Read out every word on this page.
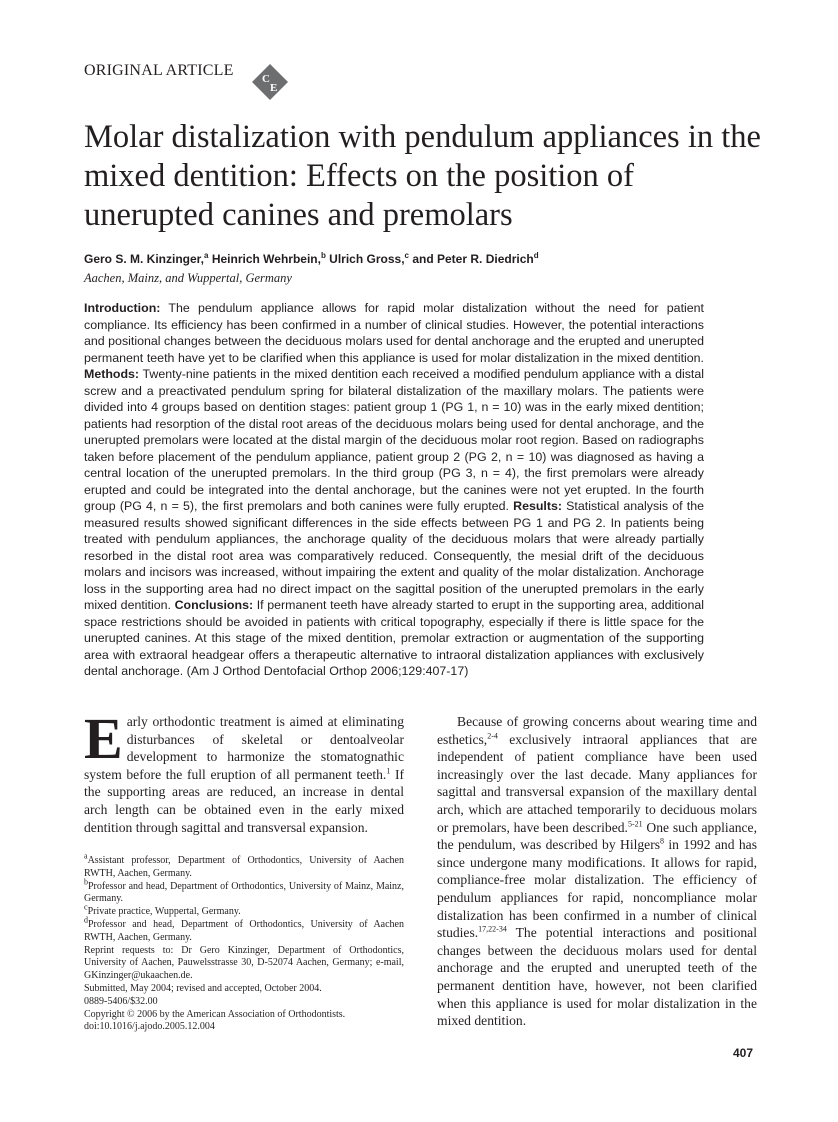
ORIGINAL ARTICLE	C
E
Molar distalization with pendulum appliances in the mixed dentition: Effects on the position of unerupted canines and premolars
Gero S. M. Kinzinger,$^a$ Heinrich Wehrbein,$^b$ Ulrich Gross,$^c$ and Peter R. Diedrich$^d$
Aachen, Mainz, and Wuppertal, Germany
Introduction: The pendulum appliance allows for rapid molar distalization without the need for patient compliance. Its efficiency has been confirmed in a number of clinical studies. However, the potential interactions and positional changes between the deciduous molars used for dental anchorage and the erupted and unerupted permanent teeth have yet to be clarified when this appliance is used for molar distalization in the mixed dentition. Methods: Twenty-nine patients in the mixed dentition each received a modified pendulum appliance with a distal screw and a preactivated pendulum spring for bilateral distalization of the maxillary molars. The patients were divided into 4 groups based on dentition stages: patient group 1 (PG 1, n = 10) was in the early mixed dentition; patients had resorption of the distal root areas of the deciduous molars being used for dental anchorage, and the unerupted premolars were located at the distal margin of the deciduous molar root region. Based on radiographs taken before placement of the pendulum appliance, patient group 2 (PG 2, n = 10) was diagnosed as having a central location of the unerupted premolars. In the third group (PG 3, n = 4), the first premolars were already erupted and could be integrated into the dental anchorage, but the canines were not yet erupted. In the fourth group (PG 4, n = 5), the first premolars and both canines were fully erupted. Results: Statistical analysis of the measured results showed significant differences in the side effects between PG 1 and PG 2. In patients being treated with pendulum appliances, the anchorage quality of the deciduous molars that were already partially resorbed in the distal root area was comparatively reduced. Consequently, the mesial drift of the deciduous molars and incisors was increased, without impairing the extent and quality of the molar distalization. Anchorage loss in the supporting area had no direct impact on the sagittal position of the unerupted premolars in the early mixed dentition. Conclusions: If permanent teeth have already started to erupt in the supporting area, additional space restrictions should be avoided in patients with critical topography, especially if there is little space for the unerupted canines. At this stage of the mixed dentition, premolar extraction or augmentation of the supporting area with extraoral headgear offers a therapeutic alternative to intraoral distalization appliances with exclusively dental anchorage. (Am J Orthod Dentofacial Orthop 2006;129:407-17)

Early orthodontic treatment is aimed at eliminating disturbances of skeletal or dentoalveolar development to harmonize the stomatognathic system before the full eruption of all permanent teeth.$^1$ If the supporting areas are reduced, an increase in dental arch length can be obtained even in the early mixed dentition through sagittal and transversal expansion.

$^a$Assistant professor, Department of Orthodontics, University of Aachen RWTH, Aachen, Germany.
$^b$Professor and head, Department of Orthodontics, University of Mainz, Mainz, Germany.
$^c$Private practice, Wuppertal, Germany.
$^d$Professor and head, Department of Orthodontics, University of Aachen RWTH, Aachen, Germany.
Reprint requests to: Dr Gero Kinzinger, Department of Orthodontics, University of Aachen, Pauwelsstrasse 30, D-52074 Aachen, Germany; e-mail, GKinzinger@ukaachen.de.
Submitted, May 2004; revised and accepted, October 2004.
0889-5406/$32.00
Copyright © 2006 by the American Association of Orthodontists.
doi:10.1016/j.ajodo.2005.12.004

Because of growing concerns about wearing time and esthetics,$^{2-4}$ exclusively intraoral appliances that are independent of patient compliance have been used increasingly over the last decade. Many appliances for sagittal and transversal expansion of the maxillary dental arch, which are attached temporarily to deciduous molars or premolars, have been described.$^{5-21}$ One such appliance, the pendulum, was described by Hilgers$^8$ in 1992 and has since undergone many modifications. It allows for rapid, compliance-free molar distalization. The efficiency of pendulum appliances for rapid, noncompliance molar distalization has been confirmed in a number of clinical studies.$^{17,22-34}$ The potential interactions and positional changes between the deciduous molars used for dental anchorage and the erupted and unerupted teeth of the permanent dentition have, however, not been clarified when this appliance is used for molar distalization in the mixed dentition.

407
